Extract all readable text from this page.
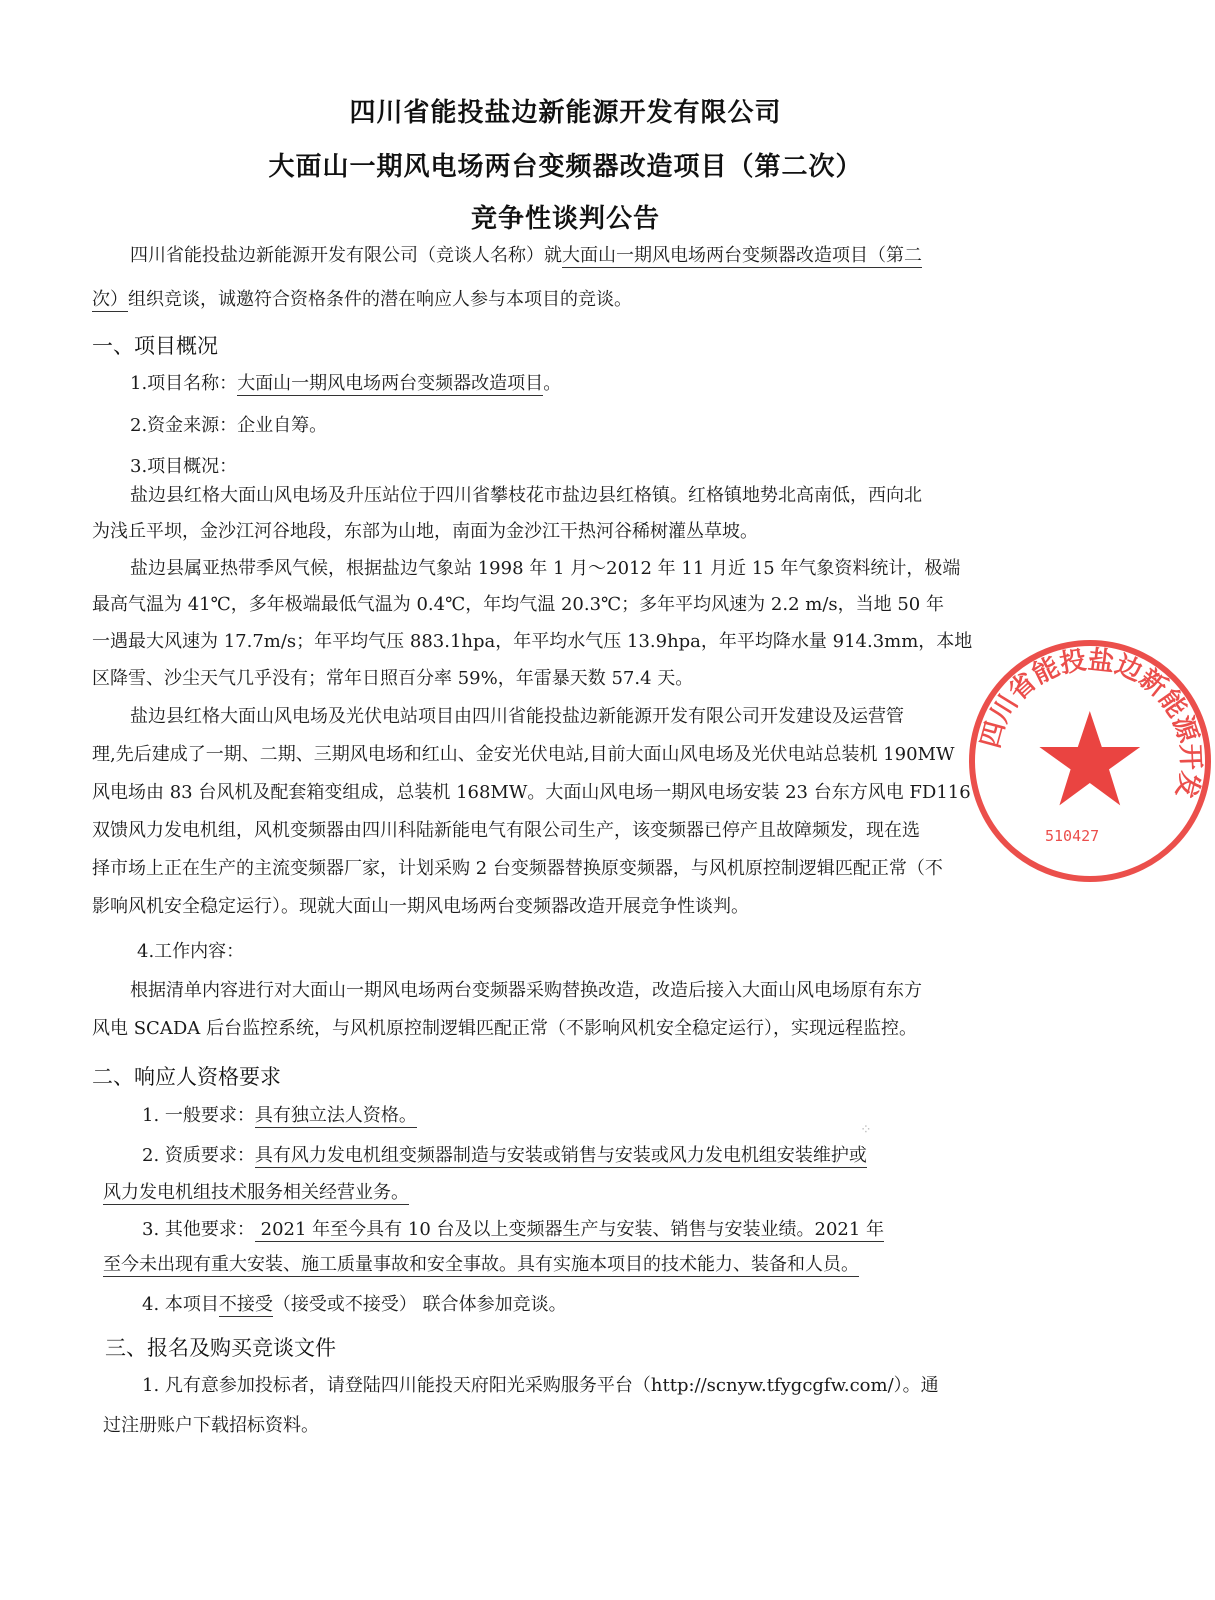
四川省能投盐边新能源开发有限公司
大面山一期风电场两台变频器改造项目（第二次）
竞争性谈判公告
四川省能投盐边新能源开发有限公司（竞谈人名称）就大面山一期风电场两台变频器改造项目（第二
次）组织竞谈，诚邀符合资格条件的潜在响应人参与本项目的竞谈。
一、项目概况
1.项目名称：大面山一期风电场两台变频器改造项目。
2.资金来源：企业自筹。
3.项目概况：
盐边县红格大面山风电场及升压站位于四川省攀枝花市盐边县红格镇。红格镇地势北高南低，西向北
为浅丘平坝，金沙江河谷地段，东部为山地，南面为金沙江干热河谷稀树灌丛草坡。
盐边县属亚热带季风气候，根据盐边气象站 1998 年 1 月～2012 年 11 月近 15 年气象资料统计，极端
最高气温为 41℃，多年极端最低气温为 0.4℃，年均气温 20.3℃；多年平均风速为 2.2 m/s，当地 50 年
一遇最大风速为 17.7m/s；年平均气压 883.1hpa，年平均水气压 13.9hpa，年平均降水量 914.3mm，本地
区降雪、沙尘天气几乎没有；常年日照百分率 59%，年雷暴天数 57.4 天。
盐边县红格大面山风电场及光伏电站项目由四川省能投盐边新能源开发有限公司开发建设及运营管
理,先后建成了一期、二期、三期风电场和红山、金安光伏电站,目前大面山风电场及光伏电站总装机 190MW
风电场由 83 台风机及配套箱变组成，总装机 168MW。大面山风电场一期风电场安装 23 台东方风电 FD116
双馈风力发电机组，风机变频器由四川科陆新能电气有限公司生产，该变频器已停产且故障频发，现在选
择市场上正在生产的主流变频器厂家，计划采购 2 台变频器替换原变频器，与风机原控制逻辑匹配正常（不
影响风机安全稳定运行）。现就大面山一期风电场两台变频器改造开展竞争性谈判。
4.工作内容：
根据清单内容进行对大面山一期风电场两台变频器采购替换改造，改造后接入大面山风电场原有东方
风电 SCADA 后台监控系统，与风机原控制逻辑匹配正常（不影响风机安全稳定运行），实现远程监控。
二、响应人资格要求
1. 一般要求：具有独立法人资格。
2. 资质要求：具有风力发电机组变频器制造与安装或销售与安装或风力发电机组安装维护或
风力发电机组技术服务相关经营业务。
3. 其他要求： 2021 年至今具有 10 台及以上变频器生产与安装、销售与安装业绩。2021 年
至今未出现有重大安装、施工质量事故和安全事故。具有实施本项目的技术能力、装备和人员。
4. 本项目不接受（接受或不接受） 联合体参加竞谈。
三、报名及购买竞谈文件
1. 凡有意参加投标者，请登陆四川能投天府阳光采购服务平台（http://scnyw.tfygcgfw.com/）。通
过注册账户下载招标资料。
⁘
四川省能投盐边新能源开发
510427
